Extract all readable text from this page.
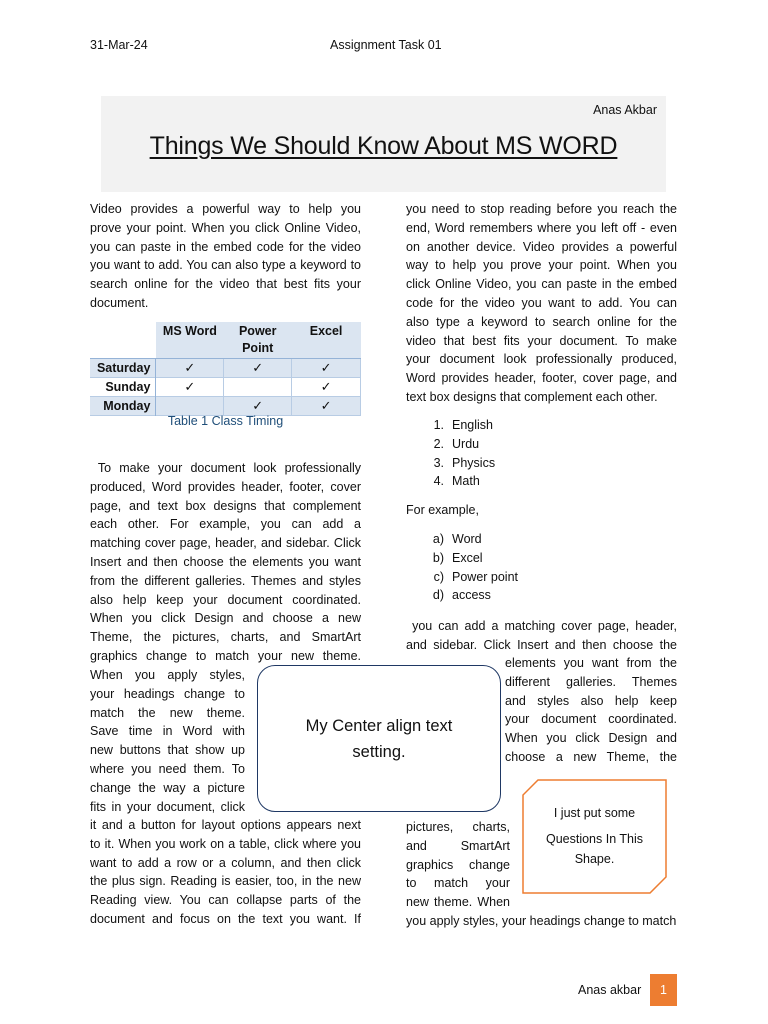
31-Mar-24	Assignment Task 01
Anas Akbar
Things We Should Know About MS WORD
Video provides a powerful way to help you
prove your point. When you click Online Video,
you can paste in the embed code for the video
you want to add. You can also type a keyword to
search online for the video that best fits your
document.
	MS Word	Power Point	Excel
Saturday	✓	✓	✓
Sunday	✓		✓
Monday		✓	✓
Table 1 Class Timing
To make your document look professionally
produced, Word provides header, footer, cover
page, and text box designs that complement
each other. For example, you can add a
matching cover page, header, and sidebar. Click
Insert and then choose the elements you want
from the different galleries. Themes and styles
also help keep your document coordinated.
When you click Design and choose a new
Theme, the pictures, charts, and SmartArt
graphics change to match your new theme.
When you apply styles,
your headings change to
match the new theme.
Save time in Word with
new buttons that show up
where you need them. To
change the way a picture
fits in your document, click
it and a button for layout options appears next
to it. When you work on a table, click where you
want to add a row or a column, and then click
the plus sign. Reading is easier, too, in the new
Reading view. You can collapse parts of the
document and focus on the text you want. If
you need to stop reading before you reach the
end, Word remembers where you left off - even
on another device. Video provides a powerful
way to help you prove your point. When you
click Online Video, you can paste in the embed
code for the video you want to add. You can
also type a keyword to search online for the
video that best fits your document. To make
your document look professionally produced,
Word provides header, footer, cover page, and
text box designs that complement each other.
1. English
2. Urdu
3. Physics
4. Math
For example,
a) Word
b) Excel
c) Power point
d) access
you can add a matching cover page, header,
and sidebar. Click Insert and then choose the
elements you want from the
different galleries. Themes
and styles also help keep
your document coordinated.
When you click Design and
choose a new Theme, the
pictures, charts,
and SmartArt
graphics change
to match your
new theme. When
you apply styles, your headings change to match
My Center align text setting.
I just put some
Questions In This Shape.
Anas akbar	1
